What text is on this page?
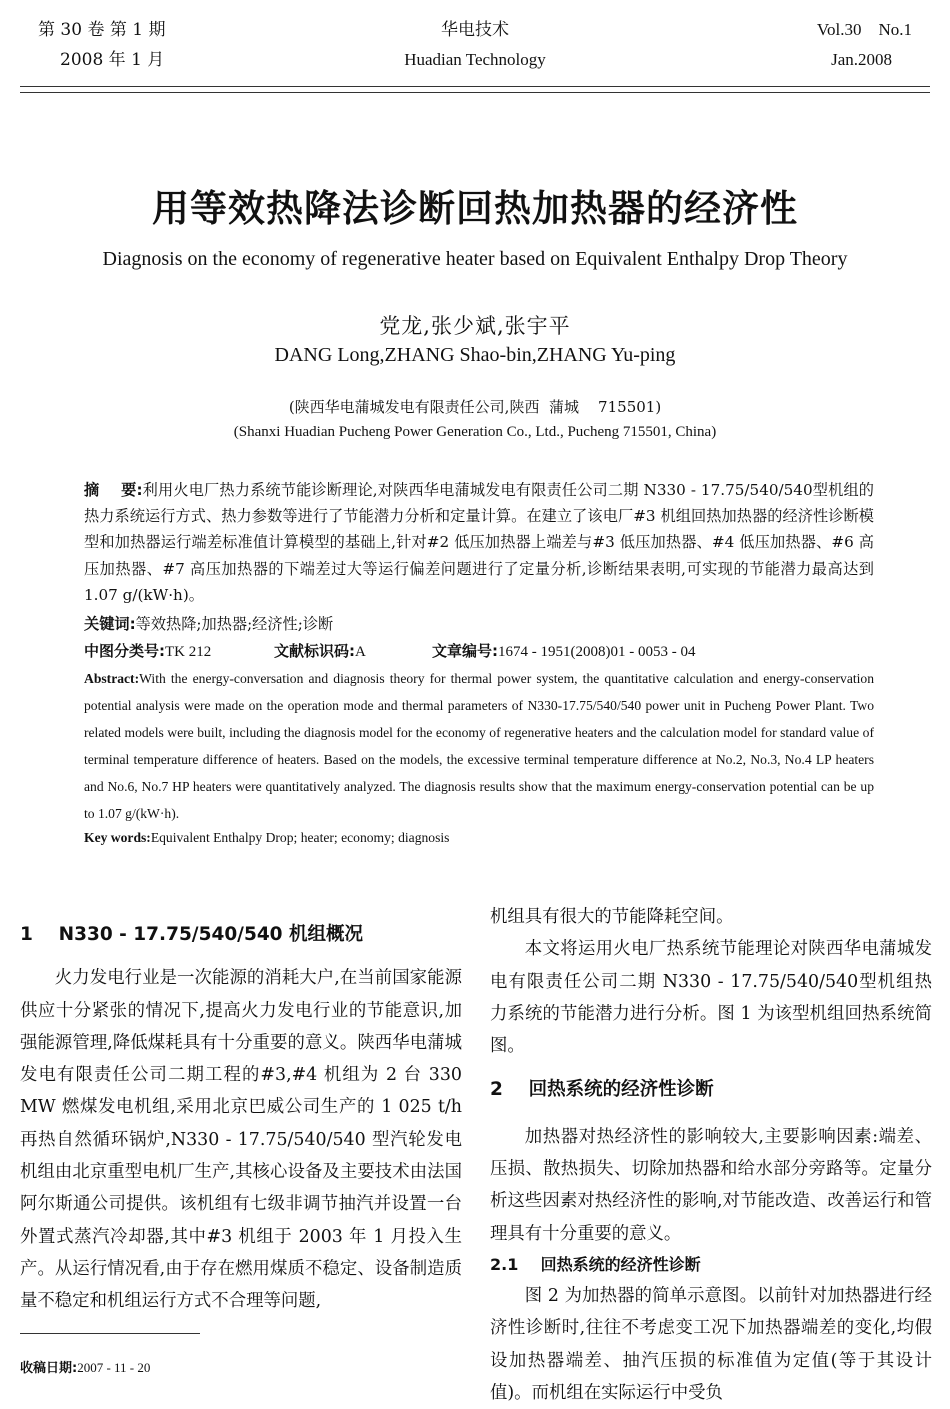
第 30 卷 第 1 期
2008 年 1 月
华电技术
Huadian Technology
Vol.30    No.1
Jan.2008
用等效热降法诊断回热加热器的经济性
Diagnosis on the economy of regenerative heater based on Equivalent Enthalpy Drop Theory
党龙,张少斌,张宇平
DANG Long,ZHANG Shao-bin,ZHANG Yu-ping
(陕西华电蒲城发电有限责任公司,陕西  蒲城    715501)
(Shanxi Huadian Pucheng Power Generation Co., Ltd., Pucheng 715501, China)
摘    要:利用火电厂热力系统节能诊断理论,对陕西华电蒲城发电有限责任公司二期 N330 - 17.75/540/540型机组的热力系统运行方式、热力参数等进行了节能潜力分析和定量计算。在建立了该电厂#3 机组回热加热器的经济性诊断模型和加热器运行端差标准值计算模型的基础上,针对#2 低压加热器上端差与#3 低压加热器、#4 低压加热器、#6 高压加热器、#7 高压加热器的下端差过大等运行偏差问题进行了定量分析,诊断结果表明,可实现的节能潜力最高达到 1.07 g/(kW·h)。
关键词:等效热降;加热器;经济性;诊断
中图分类号:TK 212	文献标识码:A	文章编号:1674 - 1951(2008)01 - 0053 - 04
Abstract:With the energy-conversation and diagnosis theory for thermal power system, the quantitative calculation and energy-conservation potential analysis were made on the operation mode and thermal parameters of N330-17.75/540/540 power unit in Pucheng Power Plant. Two related models were built, including the diagnosis model for the economy of regenerative heaters and the calculation model for standard value of terminal temperature difference of heaters. Based on the models, the excessive terminal temperature difference at No.2, No.3, No.4 LP heaters and No.6, No.7 HP heaters were quantitatively analyzed. The diagnosis results show that the maximum energy-conservation potential can be up to 1.07 g/(kW·h).
Key words:Equivalent Enthalpy Drop; heater; economy; diagnosis
1    N330 - 17.75/540/540 机组概况

火力发电行业是一次能源的消耗大户,在当前国家能源供应十分紧张的情况下,提高火力发电行业的节能意识,加强能源管理,降低煤耗具有十分重要的意义。陕西华电蒲城发电有限责任公司二期工程的#3,#4 机组为 2 台 330 MW 燃煤发电机组,采用北京巴威公司生产的 1 025 t/h 再热自然循环锅炉,N330 - 17.75/540/540 型汽轮发电机组由北京重型电机厂生产,其核心设备及主要技术由法国阿尔斯通公司提供。该机组有七级非调节抽汽并设置一台外置式蒸汽冷却器,其中#3 机组于 2003 年 1 月投入生产。从运行情况看,由于存在燃用煤质不稳定、设备制造质量不稳定和机组运行方式不合理等问题,

机组具有很大的节能降耗空间。

本文将运用火电厂热系统节能理论对陕西华电蒲城发电有限责任公司二期 N330 - 17.75/540/540型机组热力系统的节能潜力进行分析。图 1 为该型机组回热系统简图。

2    回热系统的经济性诊断

加热器对热经济性的影响较大,主要影响因素:端差、压损、散热损失、切除加热器和给水部分旁路等。定量分析这些因素对热经济性的影响,对节能改造、改善运行和管理具有十分重要的意义。

2.1    回热系统的经济性诊断

图 2 为加热器的简单示意图。以前针对加热器进行经济性诊断时,往往不考虑变工况下加热器端差的变化,均假设加热器端差、抽汽压损的标准值为定值(等于其设计值)。而机组在实际运行中受负

收稿日期:2007 - 11 - 20
